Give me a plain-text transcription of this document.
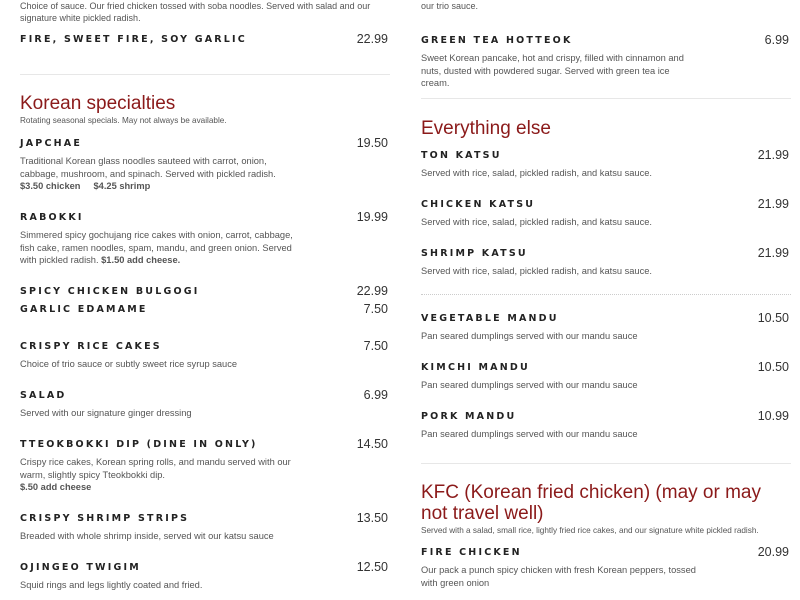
Choice of sauce. Our fried chicken tossed with soba noodles. Served with salad and our signature white pickled radish.
FIRE, SWEET FIRE, SOY GARLIC	22.99
Korean specialties
Rotating seasonal specials. May not always be available.
JAPCHAE	19.50
Traditional Korean glass noodles sauteed with carrot, onion, cabbage, mushroom, and spinach. Served with pickled radish.
$3.50 chicken $4.25 shrimp
RABOKKI	19.99
Simmered spicy gochujang rice cakes with onion, carrot, cabbage, fish cake, ramen noodles, spam, mandu, and green onion. Served with pickled radish. $1.50 add cheese.
SPICY CHICKEN BULGOGI	22.99
GARLIC EDAMAME	7.50
CRISPY RICE CAKES	7.50
Choice of trio sauce or subtly sweet rice syrup sauce
SALAD	6.99
Served with our signature ginger dressing
TTEOKBOKKI DIP (DINE IN ONLY)	14.50
Crispy rice cakes, Korean spring rolls, and mandu served with our warm, slightly spicy Tteokbokki dip.
$.50 add cheese
CRISPY SHRIMP STRIPS	13.50
Breaded with whole shrimp inside, served wit our katsu sauce
OJINGEO TWIGIM	12.50
Squid rings and legs lightly coated and fried.
our trio sauce.
GREEN TEA HOTTEOK	6.99
Sweet Korean pancake, hot and crispy, filled with cinnamon and nuts, dusted with powdered sugar. Served with green tea ice cream.
Everything else
TON KATSU	21.99
Served with rice, salad, pickled radish, and katsu sauce.
CHICKEN KATSU	21.99
Served with rice, salad, pickled radish, and katsu sauce.
SHRIMP KATSU	21.99
Served with rice, salad, pickled radish, and katsu sauce.
VEGETABLE MANDU	10.50
Pan seared dumplings served with our mandu sauce
KIMCHI MANDU	10.50
Pan seared dumplings served with our mandu sauce
PORK MANDU	10.99
Pan seared dumplings served with our mandu sauce
KFC (Korean fried chicken) (may or may not travel well)
Served with a salad, small rice, lightly fried rice cakes, and our signature white pickled radish.
FIRE CHICKEN	20.99
Our pack a punch spicy chicken with fresh Korean peppers, tossed with green onion
